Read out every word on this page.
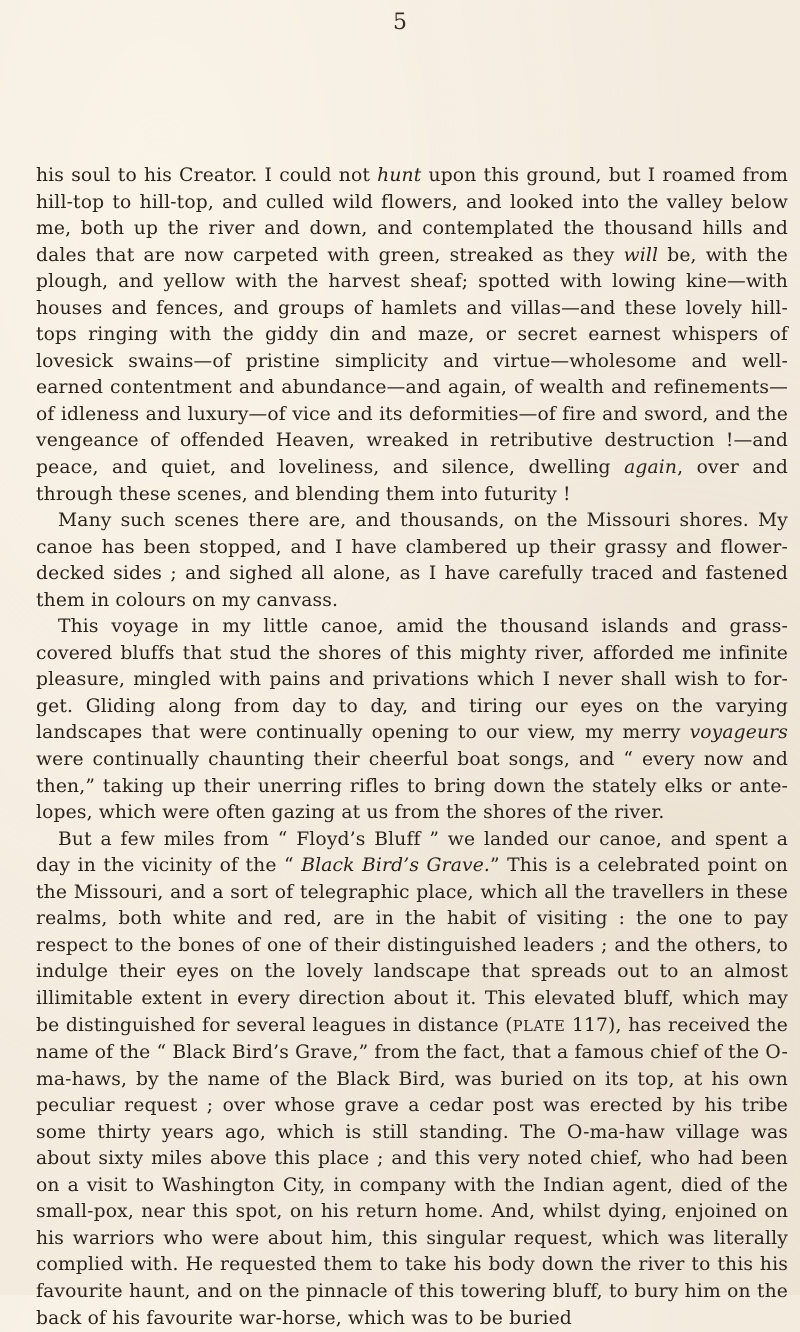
5

his soul to his Creator. I could not hunt upon this ground, but I roamed from hill-top to hill-top, and culled wild flowers, and looked into the valley below me, both up the river and down, and contemplated the thousand hills and dales that are now carpeted with green, streaked as they will be, with the plough, and yellow with the harvest sheaf; spotted with lowing kine—with houses and fences, and groups of hamlets and villas—and these lovely hill-tops ringing with the giddy din and maze, or secret earnest whispers of lovesick swains—of pristine simplicity and virtue—wholesome and well-earned contentment and abundance—and again, of wealth and refinements—of idleness and luxury—of vice and its deformities—of fire and sword, and the vengeance of offended Heaven, wreaked in retributive destruction !—and peace, and quiet, and loveliness, and silence, dwelling again, over and through these scenes, and blending them into futurity !

Many such scenes there are, and thousands, on the Missouri shores. My canoe has been stopped, and I have clambered up their grassy and flower-decked sides ; and sighed all alone, as I have carefully traced and fastened them in colours on my canvass.

This voyage in my little canoe, amid the thousand islands and grass-covered bluffs that stud the shores of this mighty river, afforded me infinite pleasure, mingled with pains and privations which I never shall wish to for-get. Gliding along from day to day, and tiring our eyes on the varying landscapes that were continually opening to our view, my merry voyageurs were continually chaunting their cheerful boat songs, and “ every now and then,” taking up their unerring rifles to bring down the stately elks or ante-lopes, which were often gazing at us from the shores of the river.

But a few miles from “ Floyd’s Bluff ” we landed our canoe, and spent a day in the vicinity of the “ Black Bird’s Grave.” This is a celebrated point on the Missouri, and a sort of telegraphic place, which all the travellers in these realms, both white and red, are in the habit of visiting : the one to pay respect to the bones of one of their distinguished leaders ; and the others, to indulge their eyes on the lovely landscape that spreads out to an almost illimitable extent in every direction about it. This elevated bluff, which may be distinguished for several leagues in distance (PLATE 117), has received the name of the “ Black Bird’s Grave,” from the fact, that a famous chief of the O-ma-haws, by the name of the Black Bird, was buried on its top, at his own peculiar request ; over whose grave a cedar post was erected by his tribe some thirty years ago, which is still standing. The O-ma-haw village was about sixty miles above this place ; and this very noted chief, who had been on a visit to Washington City, in company with the Indian agent, died of the small-pox, near this spot, on his return home. And, whilst dying, enjoined on his warriors who were about him, this singular request, which was literally complied with. He requested them to take his body down the river to this his favourite haunt, and on the pinnacle of this towering bluff, to bury him on the back of his favourite war-horse, which was to be buried
